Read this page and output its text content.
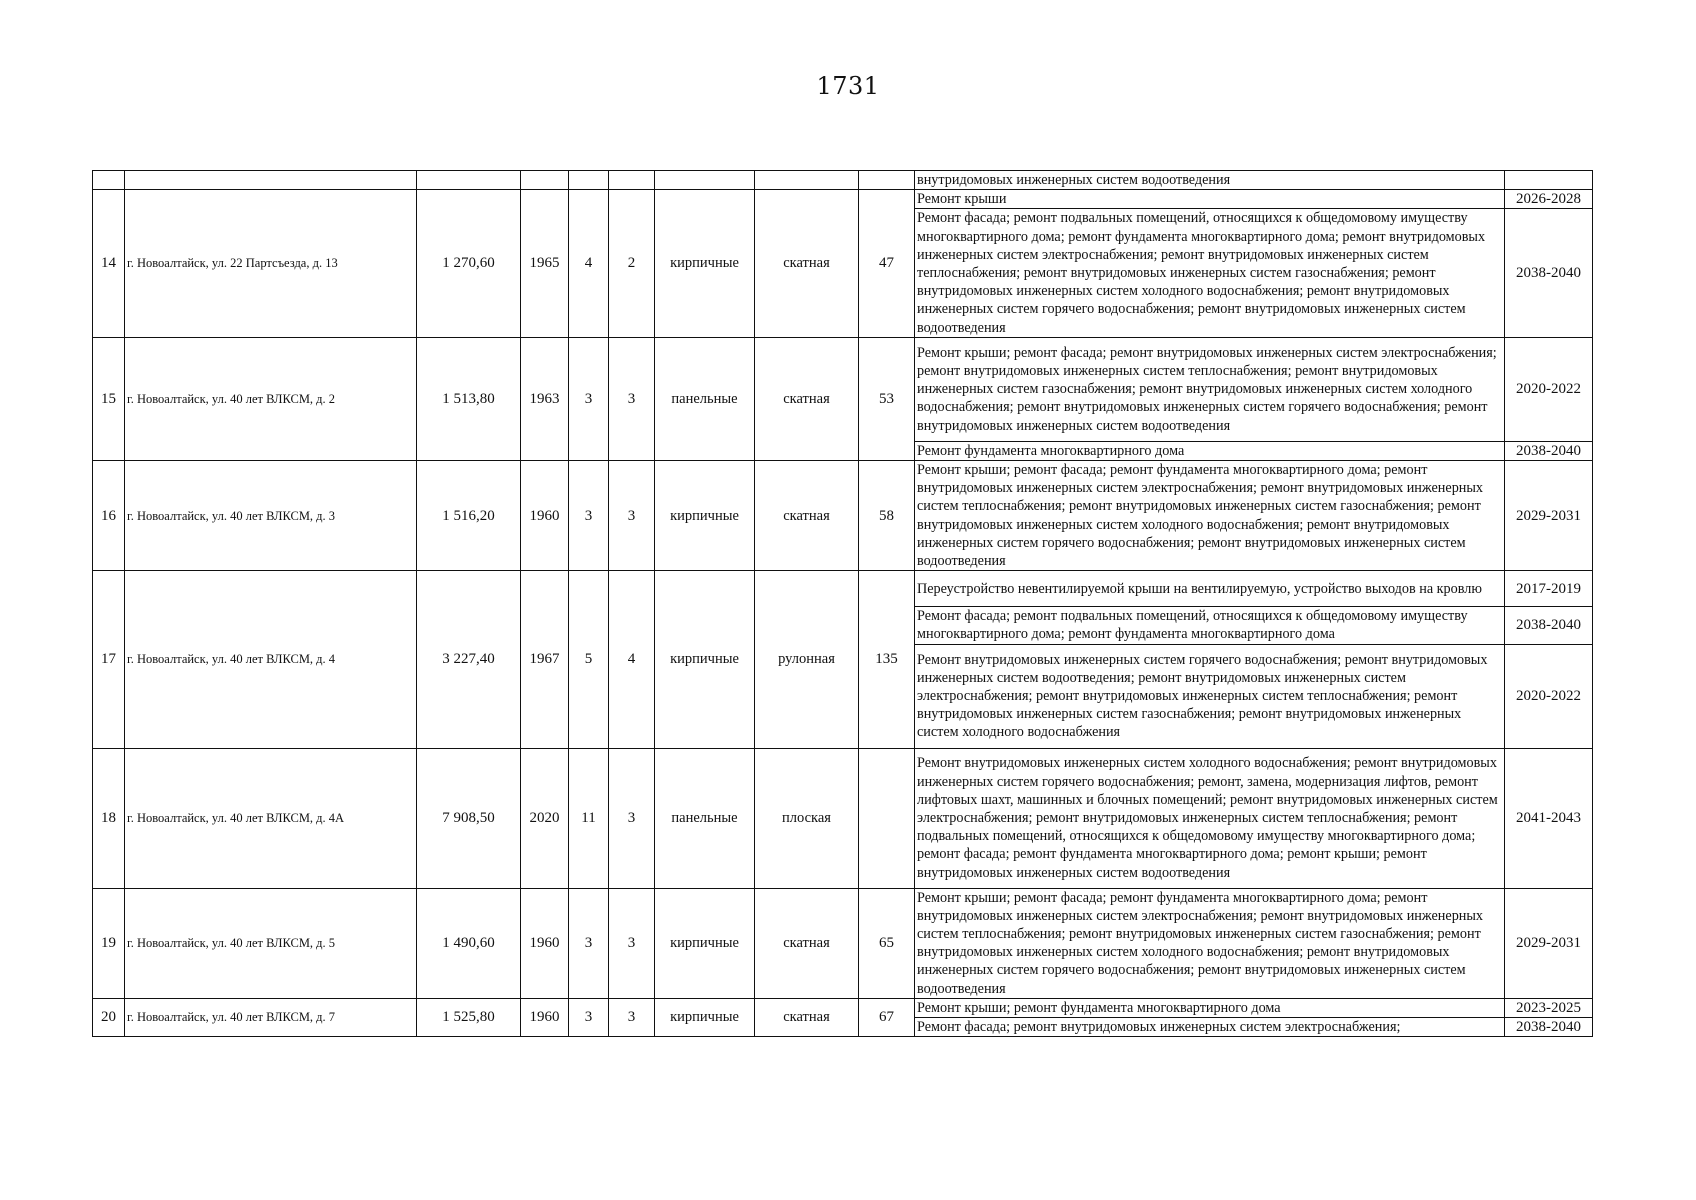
1731
									внутридомовых инженерных систем водоотведения	
14	г. Новоалтайск, ул. 22 Партсъезда, д. 13	1 270,60	1965	4	2	кирпичные	скатная	47	Ремонт крыши	2026-2028
									Ремонт фасада; ремонт подвальных помещений, относящихся к общедомовому имуществу многоквартирного дома; ремонт фундамента многоквартирного дома; ремонт внутридомовых инженерных систем электроснабжения; ремонт внутридомовых инженерных систем теплоснабжения; ремонт внутридомовых инженерных систем газоснабжения; ремонт внутридомовых инженерных систем холодного водоснабжения; ремонт внутридомовых инженерных систем горячего водоснабжения; ремонт внутридомовых инженерных систем водоотведения	2038-2040
15	г. Новоалтайск, ул. 40 лет ВЛКСМ, д. 2	1 513,80	1963	3	3	панельные	скатная	53	Ремонт крыши; ремонт фасада; ремонт внутридомовых инженерных систем электроснабжения; ремонт внутридомовых инженерных систем теплоснабжения; ремонт внутридомовых инженерных систем газоснабжения; ремонт внутридомовых инженерных систем холодного водоснабжения; ремонт внутридомовых инженерных систем горячего водоснабжения; ремонт внутридомовых инженерных систем водоотведения	2020-2022
									Ремонт фундамента многоквартирного дома	2038-2040
16	г. Новоалтайск, ул. 40 лет ВЛКСМ, д. 3	1 516,20	1960	3	3	кирпичные	скатная	58	Ремонт крыши; ремонт фасада; ремонт фундамента многоквартирного дома; ремонт внутридомовых инженерных систем электроснабжения; ремонт внутридомовых инженерных систем теплоснабжения; ремонт внутридомовых инженерных систем газоснабжения; ремонт внутридомовых инженерных систем холодного водоснабжения; ремонт внутридомовых инженерных систем горячего водоснабжения; ремонт внутридомовых инженерных систем водоотведения	2029-2031
17	г. Новоалтайск, ул. 40 лет ВЛКСМ, д. 4	3 227,40	1967	5	4	кирпичные	рулонная	135	Переустройство невентилируемой крыши на вентилируемую, устройство выходов на кровлю	2017-2019
									Ремонт фасада; ремонт подвальных помещений, относящихся к общедомовому имуществу многоквартирного дома; ремонт фундамента многоквартирного дома	2038-2040
									Ремонт внутридомовых инженерных систем горячего водоснабжения; ремонт внутридомовых инженерных систем водоотведения; ремонт внутридомовых инженерных систем электроснабжения; ремонт внутридомовых инженерных систем теплоснабжения; ремонт внутридомовых инженерных систем газоснабжения; ремонт внутридомовых инженерных систем холодного водоснабжения	2020-2022
18	г. Новоалтайск, ул. 40 лет ВЛКСМ, д. 4А	7 908,50	2020	11	3	панельные	плоская		Ремонт внутридомовых инженерных систем холодного водоснабжения; ремонт внутридомовых инженерных систем горячего водоснабжения; ремонт, замена, модернизация лифтов, ремонт лифтовых шахт, машинных и блочных помещений; ремонт внутридомовых инженерных систем электроснабжения; ремонт внутридомовых инженерных систем теплоснабжения; ремонт подвальных помещений, относящихся к общедомовому имуществу многоквартирного дома; ремонт фасада; ремонт фундамента многоквартирного дома; ремонт крыши; ремонт внутридомовых инженерных систем водоотведения	2041-2043
19	г. Новоалтайск, ул. 40 лет ВЛКСМ, д. 5	1 490,60	1960	3	3	кирпичные	скатная	65	Ремонт крыши; ремонт фасада; ремонт фундамента многоквартирного дома; ремонт внутридомовых инженерных систем электроснабжения; ремонт внутридомовых инженерных систем теплоснабжения; ремонт внутридомовых инженерных систем газоснабжения; ремонт внутридомовых инженерных систем холодного водоснабжения; ремонт внутридомовых инженерных систем горячего водоснабжения; ремонт внутридомовых инженерных систем водоотведения	2029-2031
20	г. Новоалтайск, ул. 40 лет ВЛКСМ, д. 7	1 525,80	1960	3	3	кирпичные	скатная	67	Ремонт крыши; ремонт фундамента многоквартирного дома	2023-2025
									Ремонт фасада; ремонт внутридомовых инженерных систем электроснабжения;	2038-2040
